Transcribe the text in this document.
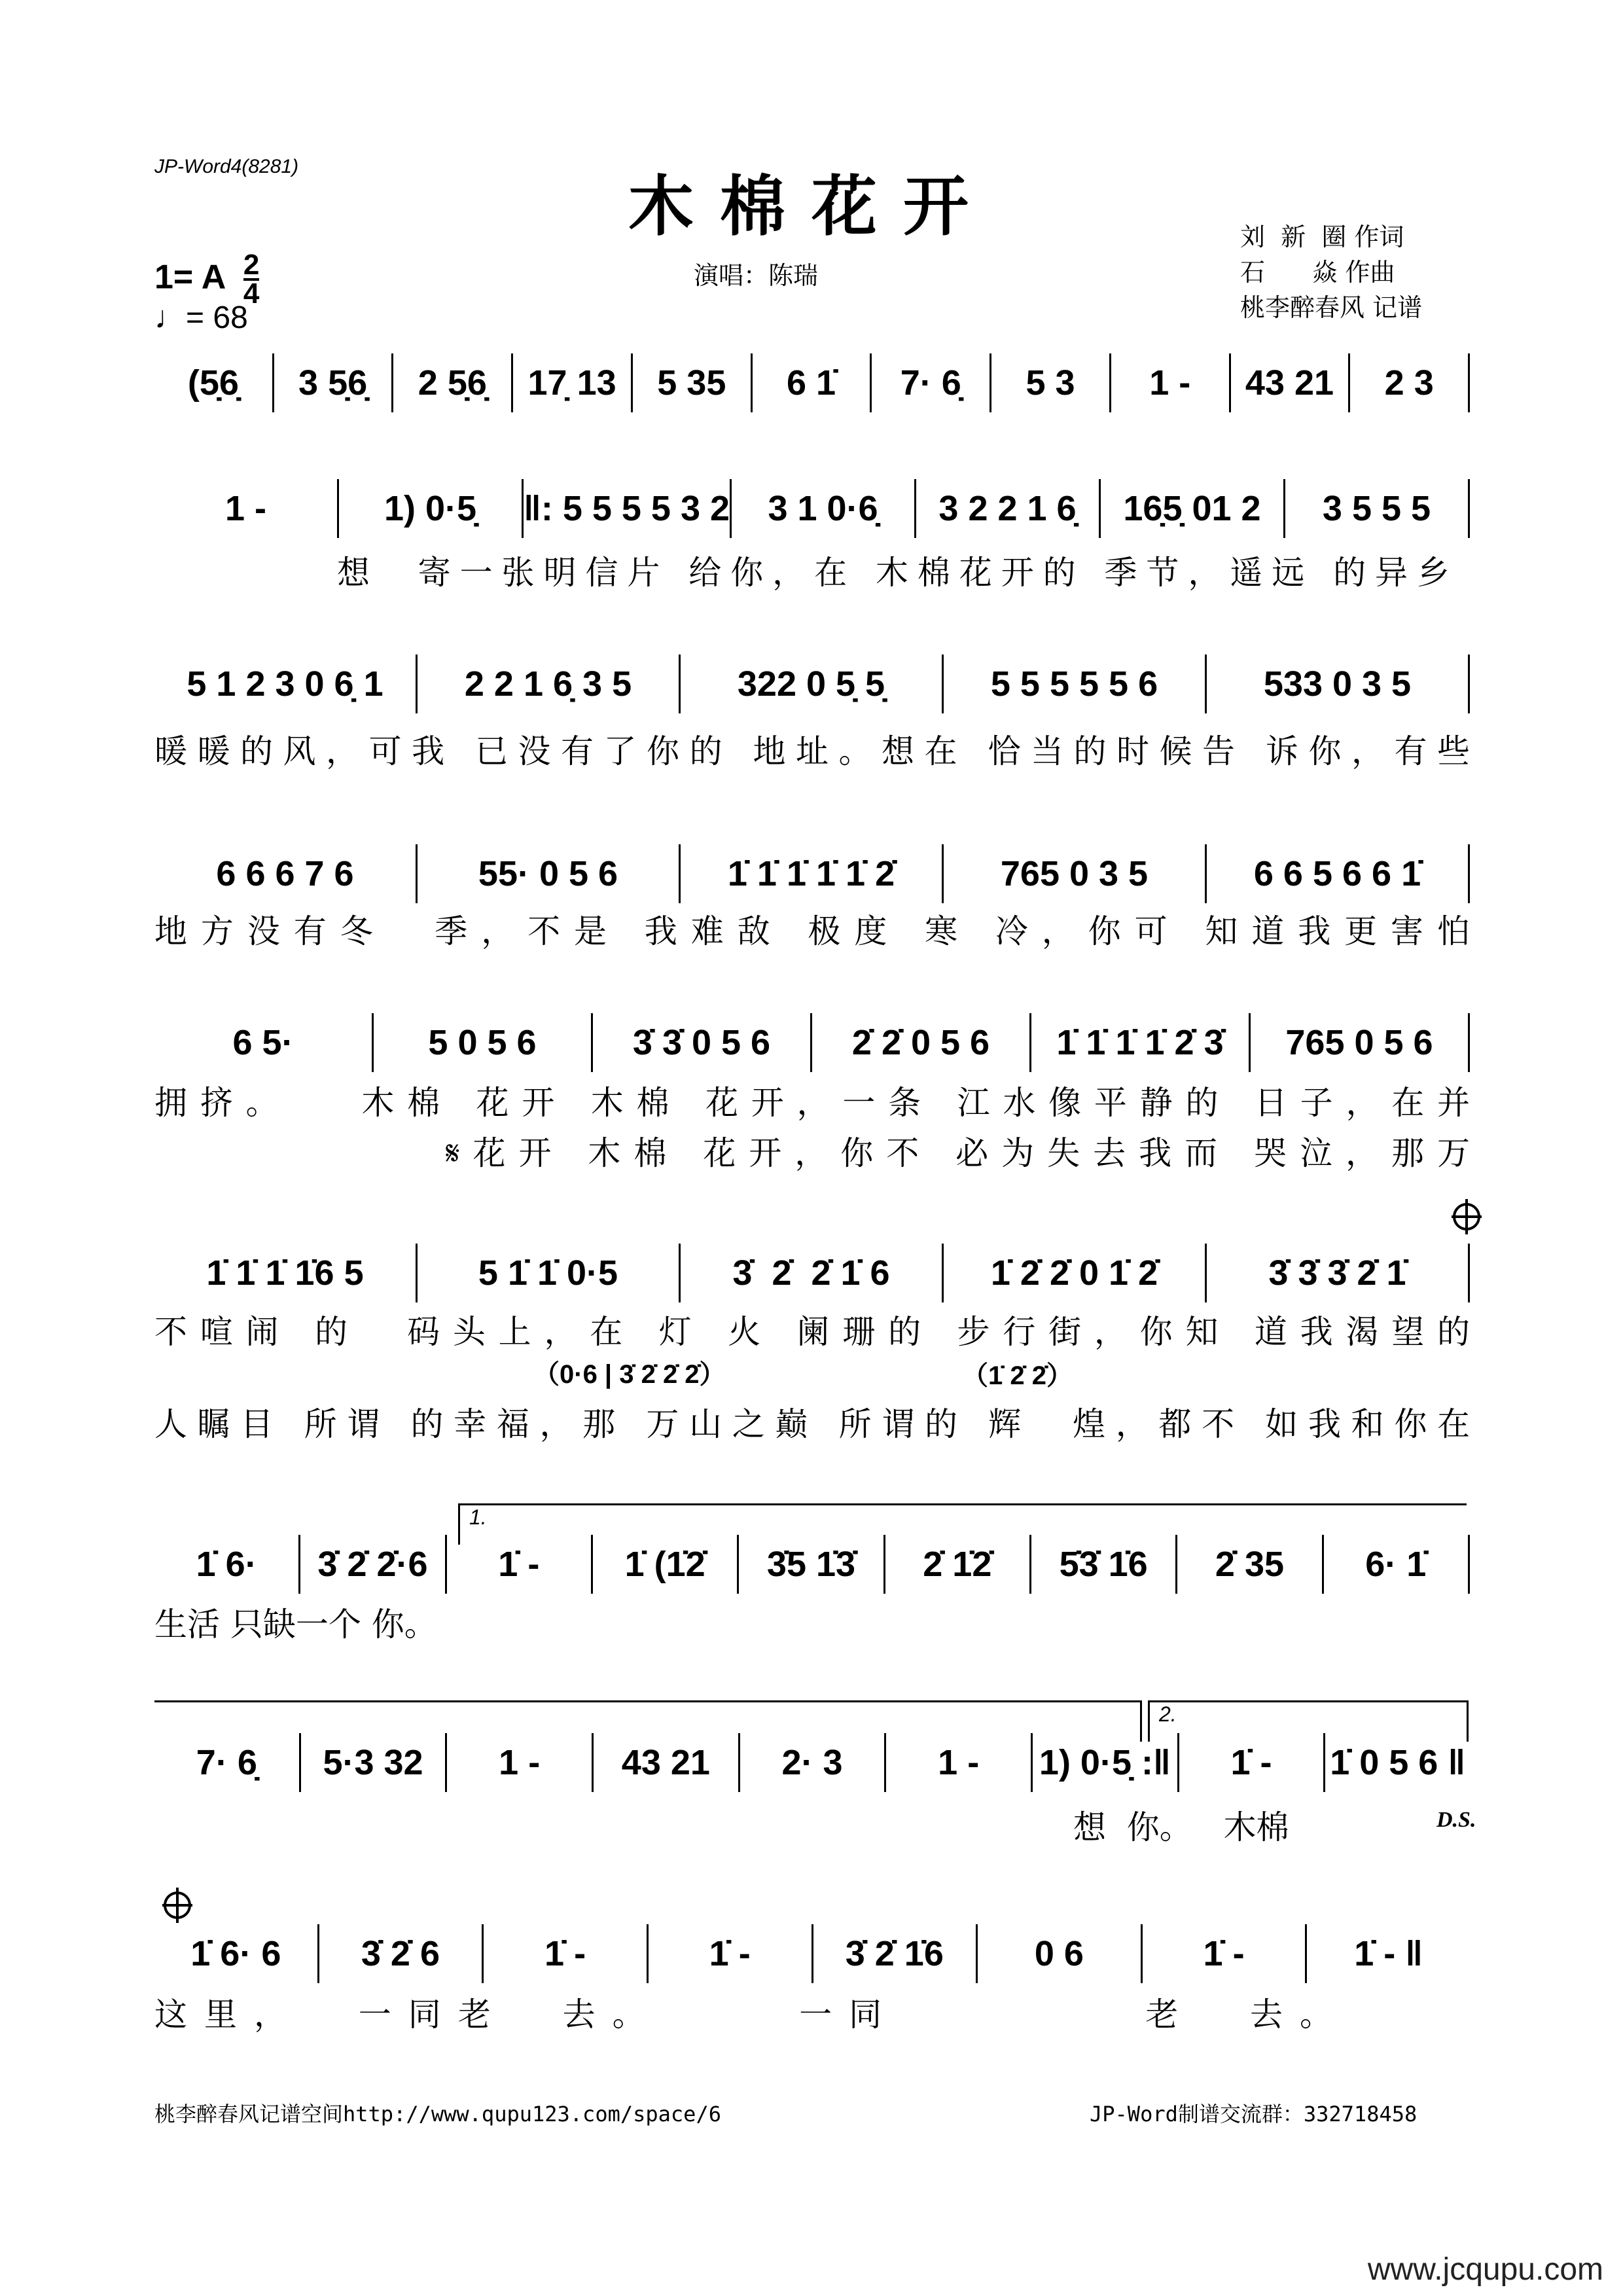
JP-Word4(8281)
木棉花开
演唱：陈瑞
刘  新  圈 作词
石      焱 作曲
桃李醉春风 记谱
1= A $\frac{2}{4}$
♩= 68
(5̣6̣	3 5̣6̣	2 5̣6̣	17̣ 13	5 35	6 1̇	7· 6̣	5 3	1 -	43 21	2 3
1 -	1) 0·5̣	‖: 5 5 5 5 3 2	3 1 0·6̣	3 2 2 1 6̣	16̣5̣ 01 2	3 5 5 5
想  寄一张明信片 给你，在 木棉花开的 季节，遥远 的异乡
5 1 2 3 0 6̣ 1	2 2 1 6̣ 3 5	322 0 5̣ 5̣	5 5 5 5 5 6	533 0 3 5
暖暖的风，可我 已没有了你的 地址。想在 恰当的时候告 诉你，有些
6 6 6 7 6	55· 0 5 6	1̇ 1̇ 1̇ 1̇ 1̇ 2̇	765 0 3 5	6 6 5 6 6 1̇
地方没有冬  季，不是 我难敌 极度 寒 冷，你可 知道我更害怕
6 5·	5 0 5 6	3̇ 3̇ 0 5 6	2̇ 2̇ 0 5 6	1̇ 1̇ 1̇ 1̇ 2̇ 3̇	765 0 5 6
拥挤。   木棉 花开 木棉 花开，一条 江水像平静的 日子，在并
𝄋花开 木棉 花开，你不 必为失去我而 哭泣，那万
1̇ 1̇ 1̇ 1̇6 5	5 1̇ 1̇ 0·5	3̇  2̇  2̇ 1̇ 6	1̇ 2̇ 2̇ 0 1̇ 2̇	3̇ 3̇ 3̇ 2̇ 1̇
不喧闹 的  码头上，在 灯 火 阑珊的 步行街，你知 道我渴望的
人瞩目 所谓 的幸福，那 万山之巅 所谓的 辉  煌，都不 如我和你在
（0·6 | 3̇ 2̇ 2̇ 2̇）	（1̇ 2̇ 2̇）
1̇ 6·	3̇ 2̇ 2̇·6	1̇ -	1̇ (1̇2̇	3̇5 1̇3̇	2̇ 1̇2̇	5̇3̇ 1̇6	2̇ 35	6· 1̇
生活 只缺一个 你。
7· 6̣	5·3 32	1 -	43 21	2· 3	1 -	1) 0·5̣ :‖	1̇ -	1̇ 0 5 6 ‖
想  你。   木棉	D.S.
1̇ 6· 6	3̇ 2̇ 6	1̇ -	1̇ -	3̇ 2̇ 1̇6	0 6	1̇ -	1̇ - ‖
这里，  一同老  去。     一同         老  去。
1.
2.
桃李醉春风记谱空间http://www.qupu123.com/space/6	JP-Word制谱交流群：332718458
www.jcqupu.com
